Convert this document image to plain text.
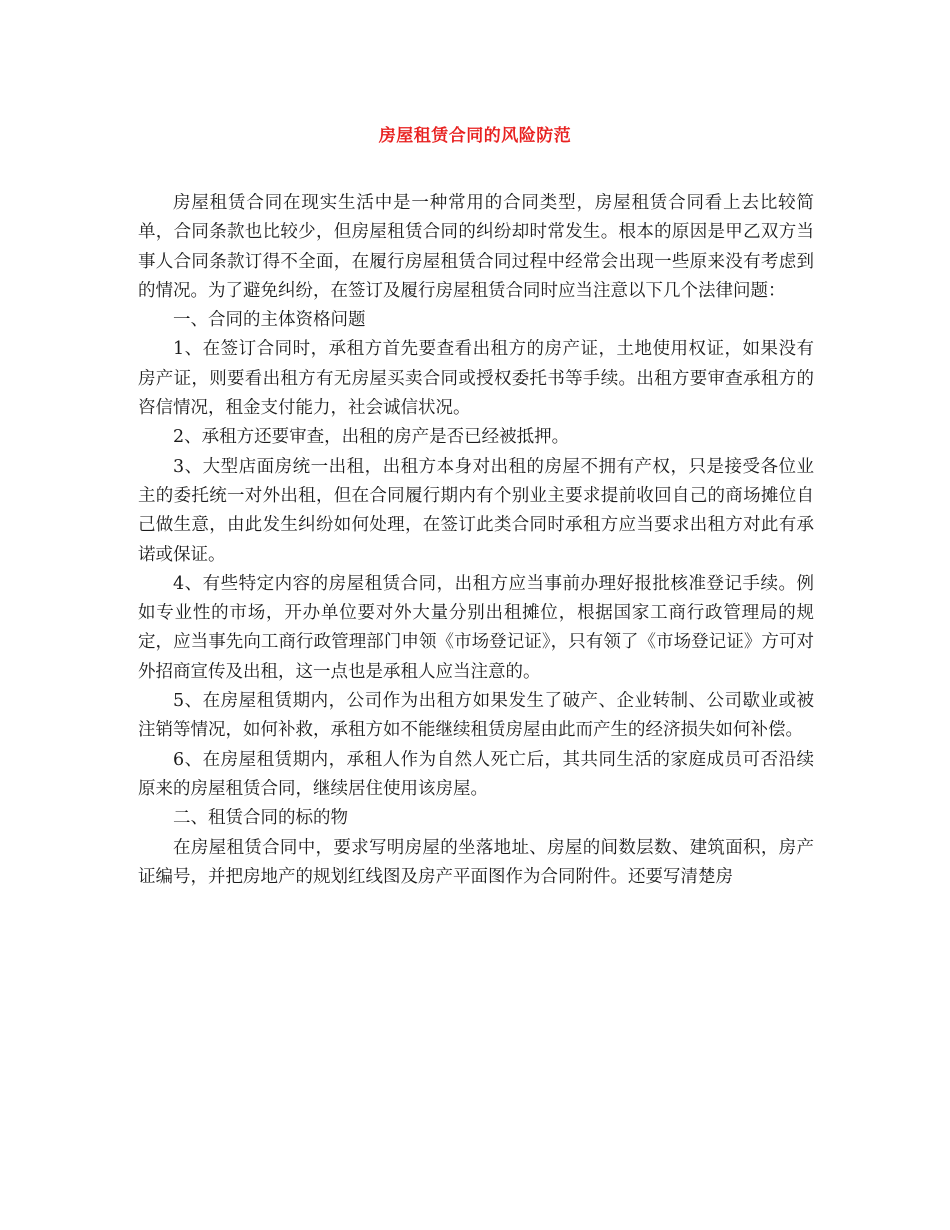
房屋租赁合同的风险防范

房屋租赁合同在现实生活中是一种常用的合同类型，房屋租赁合同看上去比较简单，合同条款也比较少，但房屋租赁合同的纠纷却时常发生。根本的原因是甲乙双方当事人合同条款订得不全面，在履行房屋租赁合同过程中经常会出现一些原来没有考虑到的情况。为了避免纠纷，在签订及履行房屋租赁合同时应当注意以下几个法律问题：

一、合同的主体资格问题

1、在签订合同时，承租方首先要查看出租方的房产证，土地使用权证，如果没有房产证，则要看出租方有无房屋买卖合同或授权委托书等手续。出租方要审查承租方的咨信情况，租金支付能力，社会诚信状况。

2、承租方还要审查，出租的房产是否已经被抵押。

3、大型店面房统一出租，出租方本身对出租的房屋不拥有产权，只是接受各位业主的委托统一对外出租，但在合同履行期内有个别业主要求提前收回自己的商场摊位自己做生意，由此发生纠纷如何处理，在签订此类合同时承租方应当要求出租方对此有承诺或保证。

4、有些特定内容的房屋租赁合同，出租方应当事前办理好报批核准登记手续。例如专业性的市场，开办单位要对外大量分别出租摊位，根据国家工商行政管理局的规定，应当事先向工商行政管理部门申领《市场登记证》，只有领了《市场登记证》方可对外招商宣传及出租，这一点也是承租人应当注意的。

5、在房屋租赁期内，公司作为出租方如果发生了破产、企业转制、公司歇业或被注销等情况，如何补救，承租方如不能继续租赁房屋由此而产生的经济损失如何补偿。

6、在房屋租赁期内，承租人作为自然人死亡后，其共同生活的家庭成员可否沿续原来的房屋租赁合同，继续居住使用该房屋。

二、租赁合同的标的物

在房屋租赁合同中，要求写明房屋的坐落地址、房屋的间数层数、建筑面积，房产证编号，并把房地产的规划红线图及房产平面图作为合同附件。还要写清楚房
